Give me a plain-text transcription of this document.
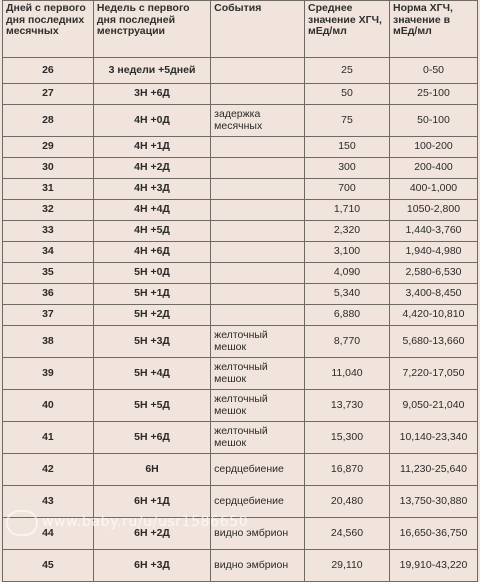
Дней с первого дня последних месячных	Недель с первого дня последней менструации	События	Среднее значение ХГЧ, мЕд/мл	Норма ХГЧ, значение в мЕд/мл
26	3 недели +5дней		25	0-50
27	3Н +6Д		50	25-100
28	4Н +0Д	задержка месячных	75	50-100
29	4Н +1Д		150	100-200
30	4Н +2Д		300	200-400
31	4Н +3Д		700	400-1,000
32	4Н +4Д		1,710	1050-2,800
33	4Н +5Д		2,320	1,440-3,760
34	4Н +6Д		3,100	1,940-4,980
35	5Н +0Д		4,090	2,580-6,530
36	5Н +1Д		5,340	3,400-8,450
37	5Н +2Д		6,880	4,420-10,810
38	5Н +3Д	желточный мешок	8,770	5,680-13,660
39	5Н +4Д	желточный мешок	11,040	7,220-17,050
40	5Н +5Д	желточный мешок	13,730	9,050-21,040
41	5Н +6Д	желточный мешок	15,300	10,140-23,340
42	6Н	сердцебиение	16,870	11,230-25,640
43	6Н +1Д	сердцебиение	20,480	13,750-30,880
44	6Н +2Д	видно эмбрион	24,560	16,650-36,750
45	6Н +3Д	видно эмбрион	29,110	19,910-43,220
www.baby.ru/u/usr1586650
